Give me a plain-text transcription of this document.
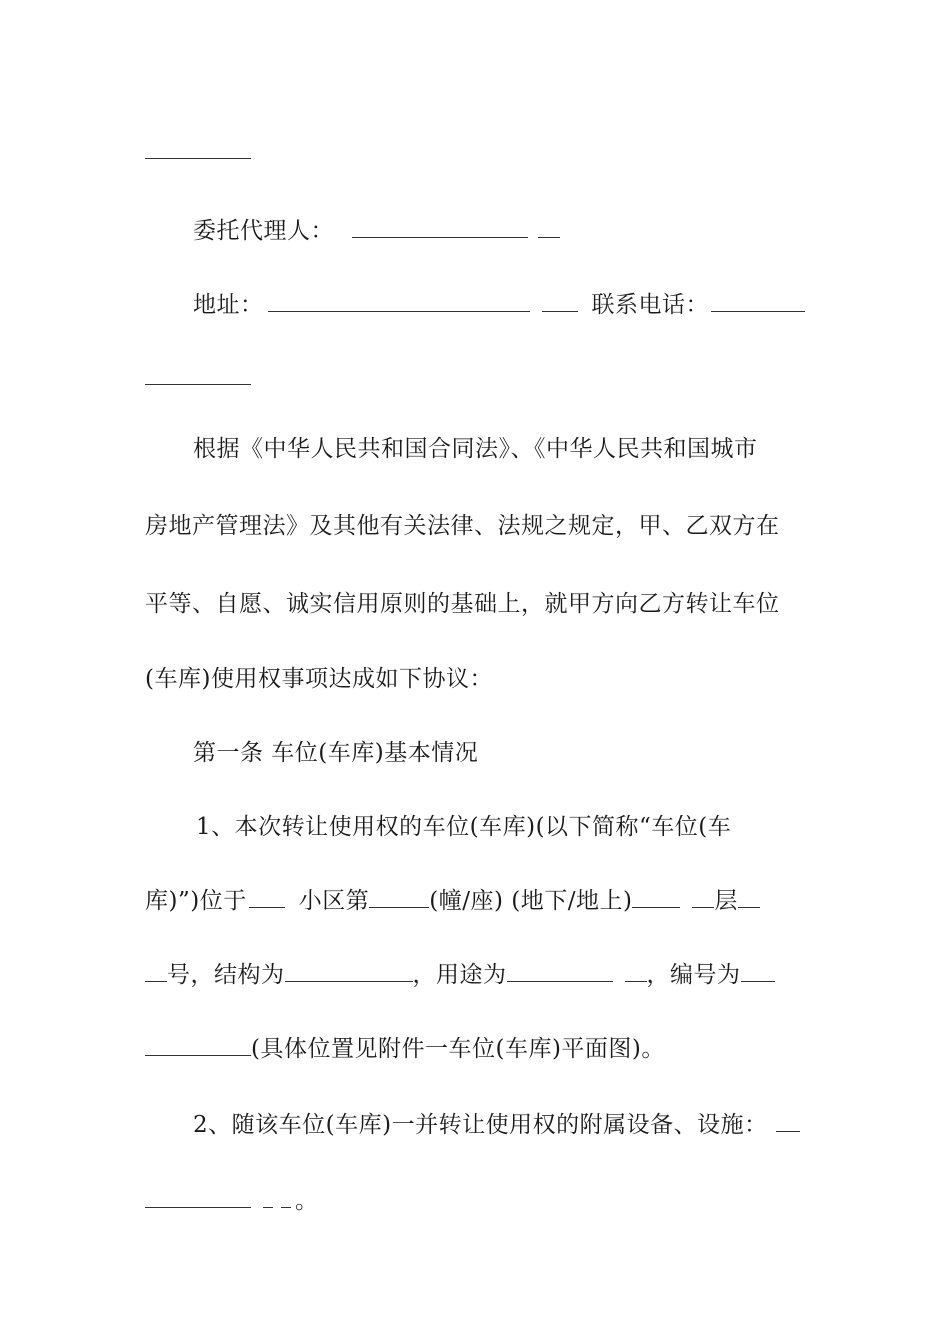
委托代理人：
地址：	联系电话：
根据《中华人民共和国合同法》、《中华人民共和国城市
房地产管理法》及其他有关法律、法规之规定，甲、乙双方在
平等、自愿、诚实信用原则的基础上，就甲方向乙方转让车位
(车库)使用权事项达成如下协议：
第一条 车位(车库)基本情况
1、本次转让使用权的车位(车库)(以下简称“车位(车
库)”)位于 小区第	(幢/座) (地下/地上)	层
号，结构为	，用途为	，编号为
(具体位置见附件一车位(车库)平面图)。
2、随该车位(车库)一并转让使用权的附属设备、设施：
。
